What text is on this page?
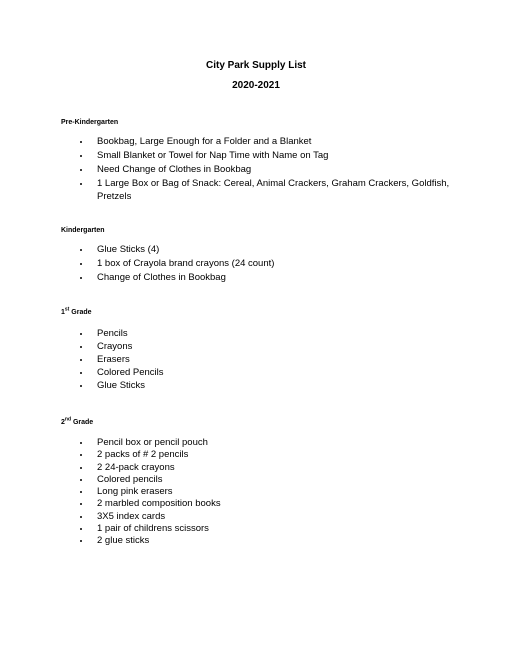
City Park Supply List

2020-2021

Pre-Kindergarten

• Bookbag, Large Enough for a Folder and a Blanket
• Small Blanket or Towel for Nap Time with Name on Tag
• Need Change of Clothes in Bookbag
• 1 Large Box or Bag of Snack: Cereal, Animal Crackers, Graham Crackers, Goldfish, Pretzels

Kindergarten

• Glue Sticks (4)
• 1 box of Crayola brand crayons (24 count)
• Change of Clothes in Bookbag

1st Grade

• Pencils
• Crayons
• Erasers
• Colored Pencils
• Glue Sticks

2nd Grade

• Pencil box or pencil pouch
• 2 packs of # 2 pencils
• 2 24-pack crayons
• Colored pencils
• Long pink erasers
• 2 marbled composition books
• 3X5 index cards
• 1 pair of childrens scissors
• 2 glue sticks
